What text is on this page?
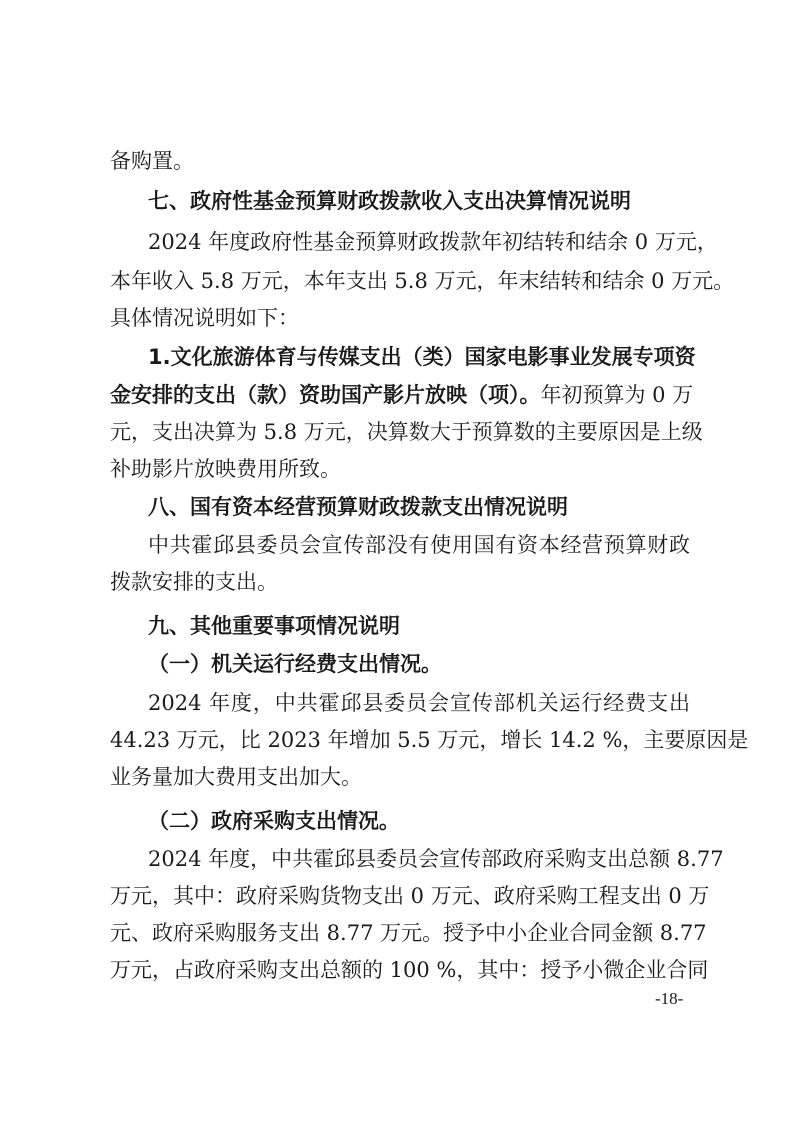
备购置。
七、政府性基金预算财政拨款收入支出决算情况说明
2024 年度政府性基金预算财政拨款年初结转和结余 0 万元，
本年收入 5.8 万元，本年支出 5.8 万元，年末结转和结余 0 万元。
具体情况说明如下：
1.文化旅游体育与传媒支出（类）国家电影事业发展专项资
金安排的支出（款）资助国产影片放映（项）。年初预算为 0 万
元，支出决算为 5.8 万元，决算数大于预算数的主要原因是上级
补助影片放映费用所致。
八、国有资本经营预算财政拨款支出情况说明
中共霍邱县委员会宣传部没有使用国有资本经营预算财政
拨款安排的支出。
九、其他重要事项情况说明
（一）机关运行经费支出情况。
2024 年度，中共霍邱县委员会宣传部机关运行经费支出
44.23 万元，比 2023 年增加 5.5 万元，增长 14.2 %，主要原因是
业务量加大费用支出加大。
（二）政府采购支出情况。
2024 年度，中共霍邱县委员会宣传部政府采购支出总额 8.77
万元，其中：政府采购货物支出 0 万元、政府采购工程支出 0 万
元、政府采购服务支出 8.77 万元。授予中小企业合同金额 8.77
万元，占政府采购支出总额的 100 %，其中：授予小微企业合同
-18-
